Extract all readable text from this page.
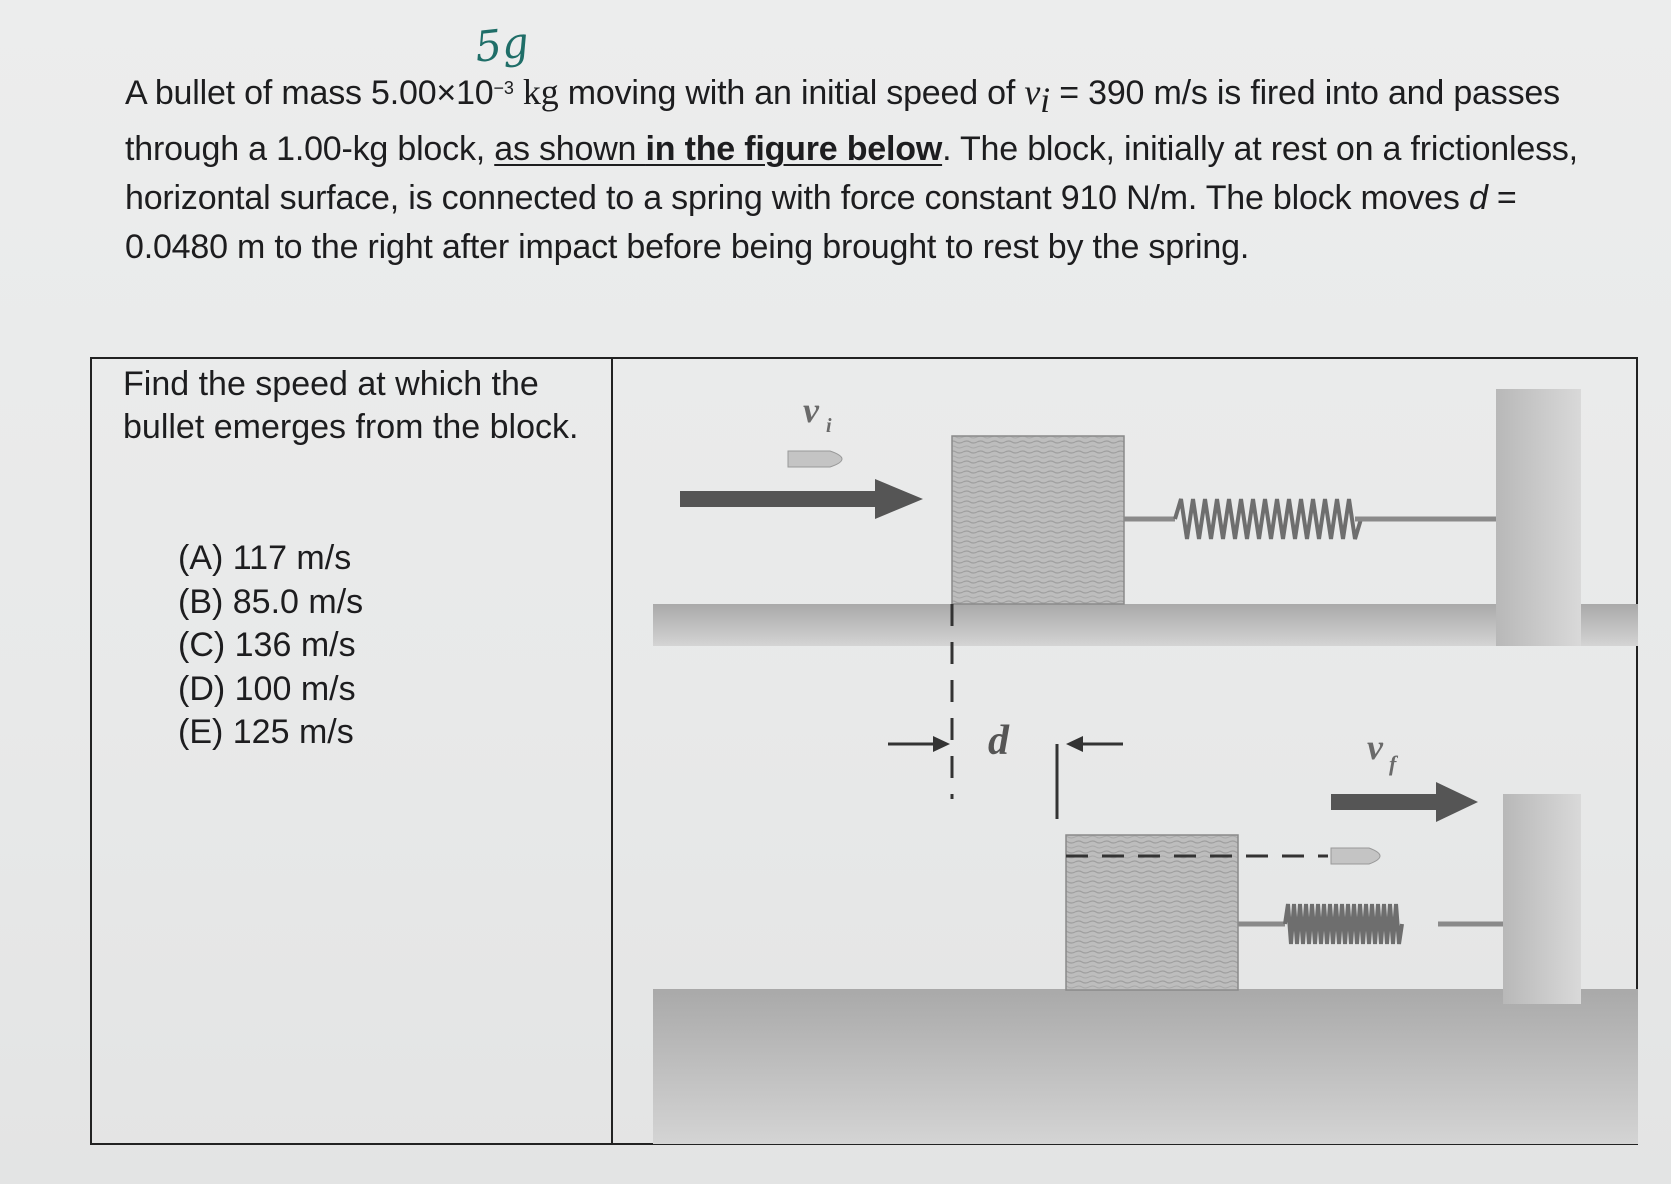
5g
A bullet of mass $5.00\times 10^{-3}$ kg moving with an initial speed of $v_i = 390$ m/s is fired into and passes through a 1.00-kg block, as shown in the figure below. The block, initially at rest on a frictionless, horizontal surface, is connected to a spring with force constant 910 N/m. The block moves d = 0.0480 m to the right after impact before being brought to rest by the spring.
Find the speed at which the bullet emerges from the block.
(A) 117 m/s
(B) 85.0 m/s
(C) 136 m/s
(D) 100 m/s
(E) 125 m/s
v i
d	v f
